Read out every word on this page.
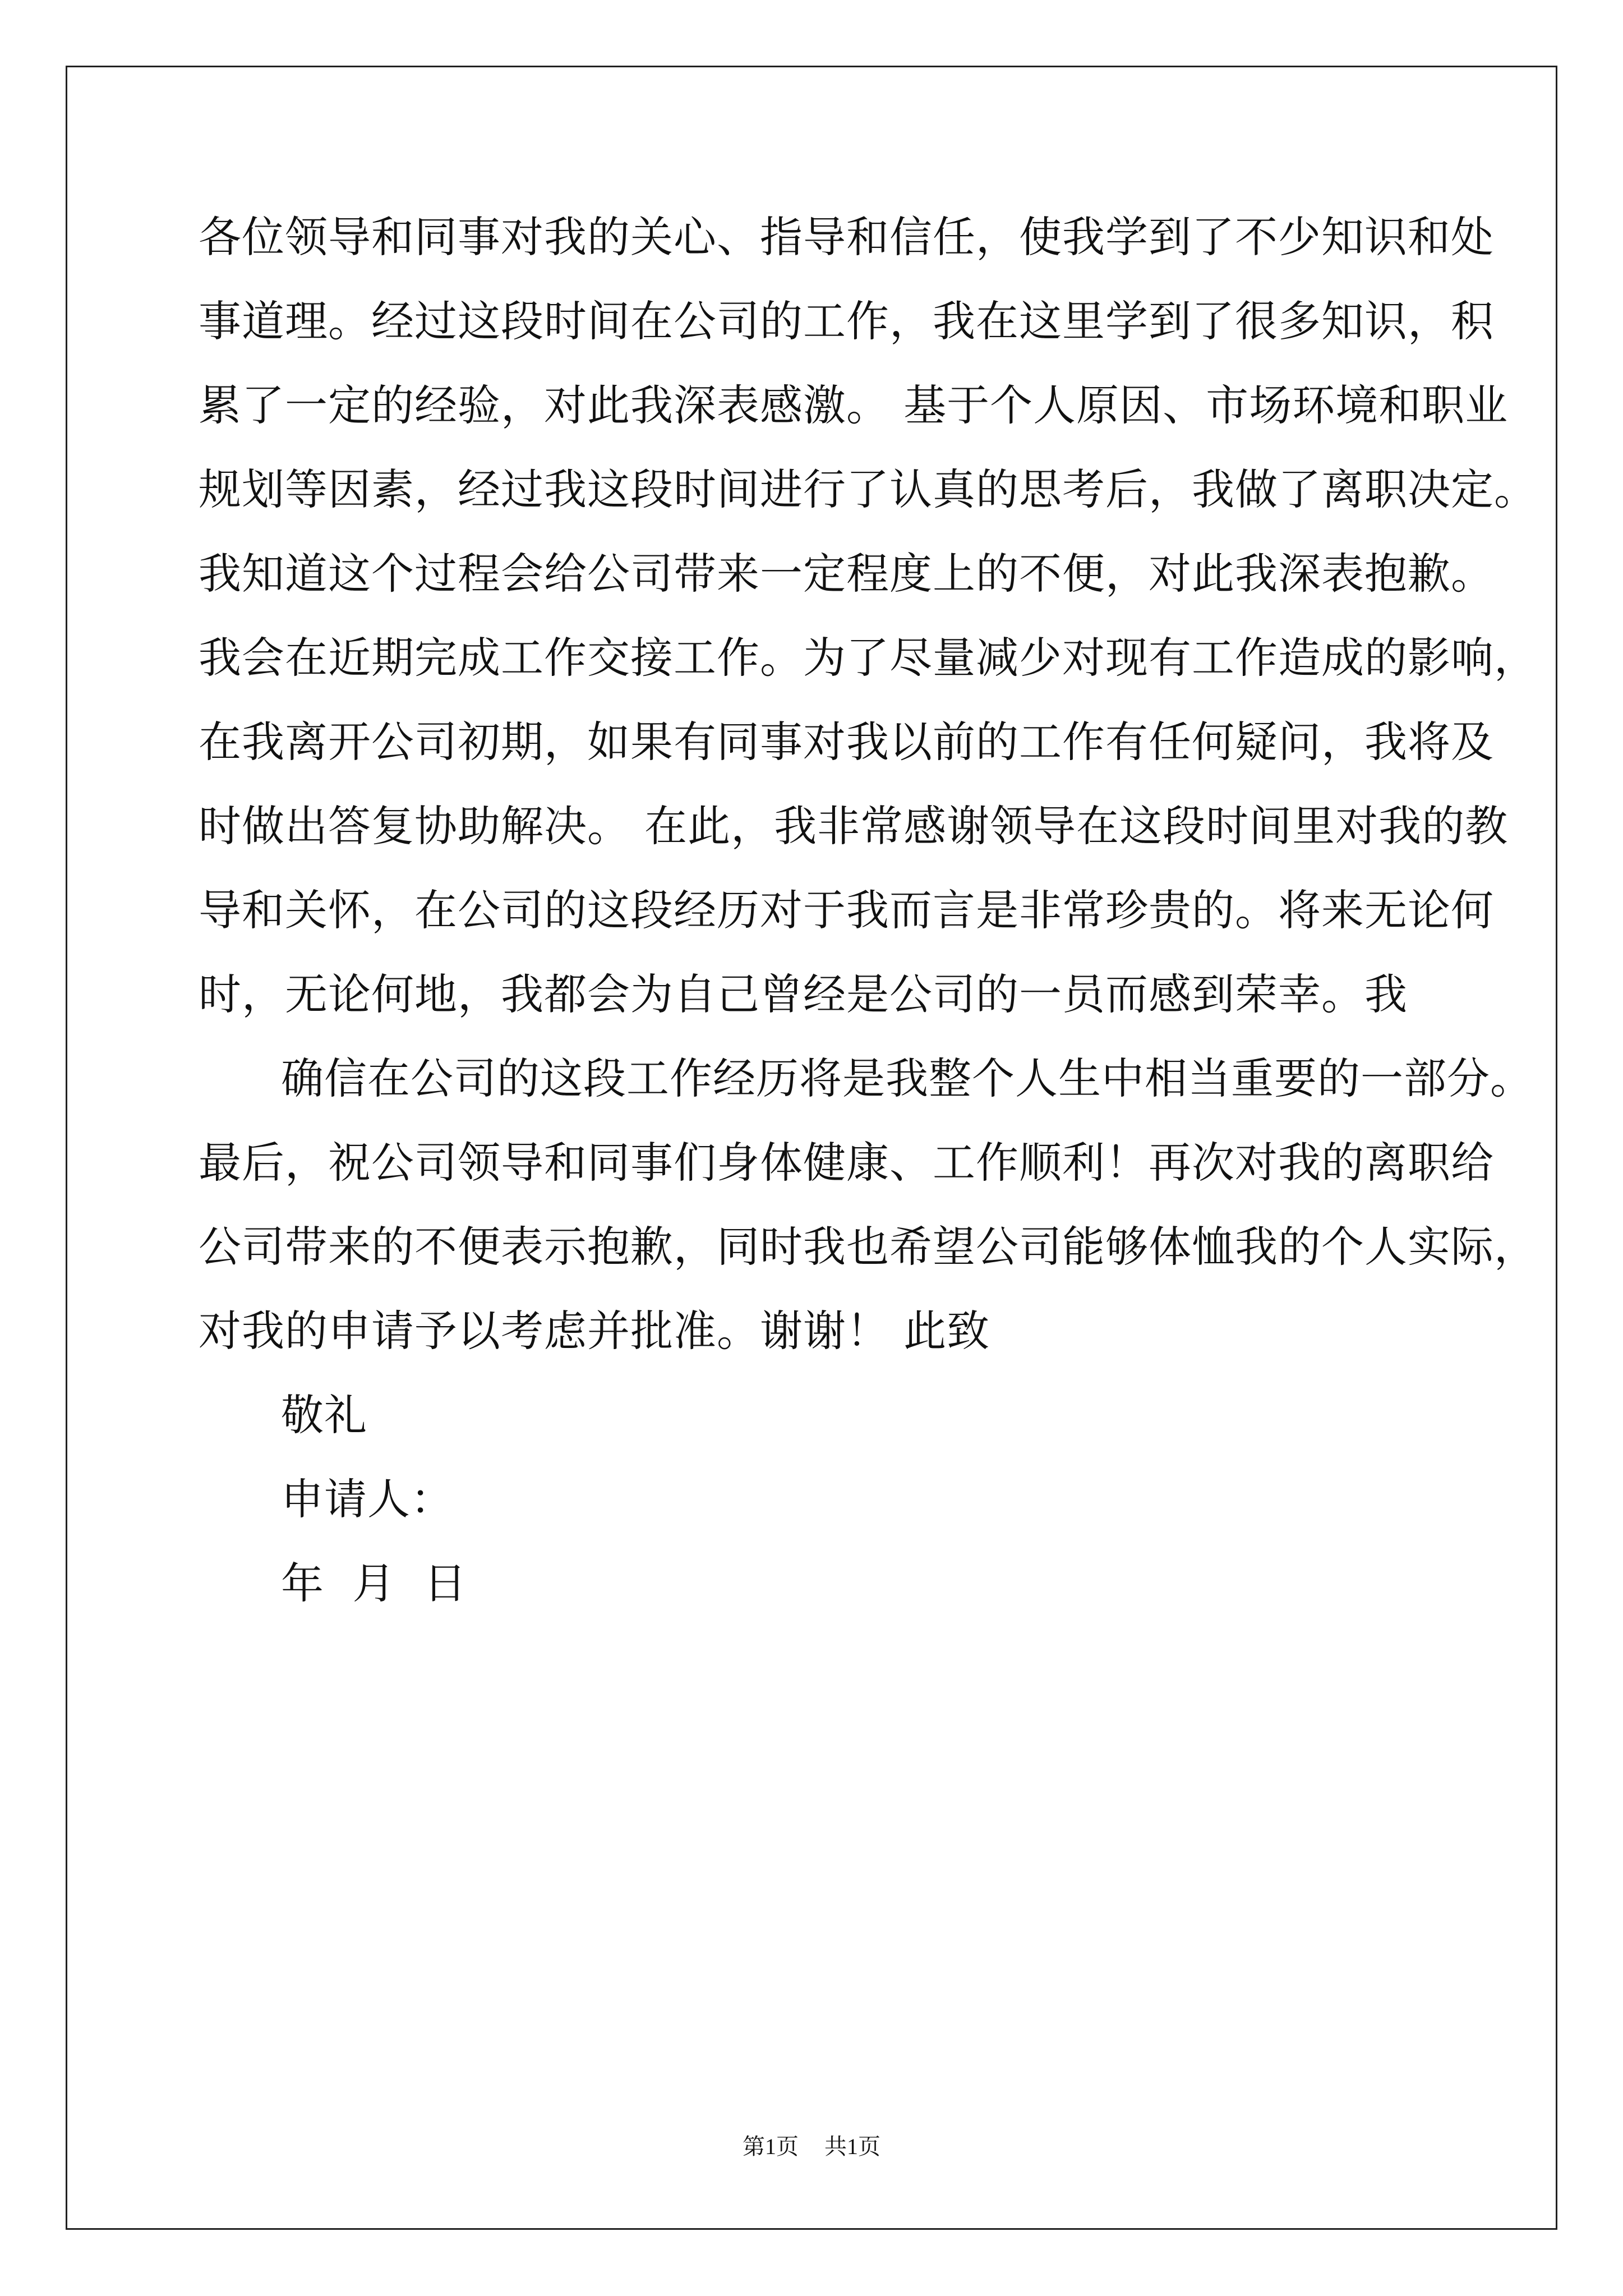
各位领导和同事对我的关心、指导和信任，使我学到了不少知识和处
事道理。经过这段时间在公司的工作，我在这里学到了很多知识，积
累了一定的经验，对此我深表感激。 基于个人原因、市场环境和职业
规划等因素，经过我这段时间进行了认真的思考后，我做了离职决定。
我知道这个过程会给公司带来一定程度上的不便，对此我深表抱歉。
我会在近期完成工作交接工作。为了尽量减少对现有工作造成的影响，
在我离开公司初期，如果有同事对我以前的工作有任何疑问，我将及
时做出答复协助解决。 在此，我非常感谢领导在这段时间里对我的教
导和关怀，在公司的这段经历对于我而言是非常珍贵的。将来无论何
时，无论何地，我都会为自己曾经是公司的一员而感到荣幸。我
确信在公司的这段工作经历将是我整个人生中相当重要的一部分。
最后，祝公司领导和同事们身体健康、工作顺利！再次对我的离职给
公司带来的不便表示抱歉，同时我也希望公司能够体恤我的个人实际，
对我的申请予以考虑并批准。谢谢！ 此致
敬礼
申请人：
年  月  日
第1页 共1页
